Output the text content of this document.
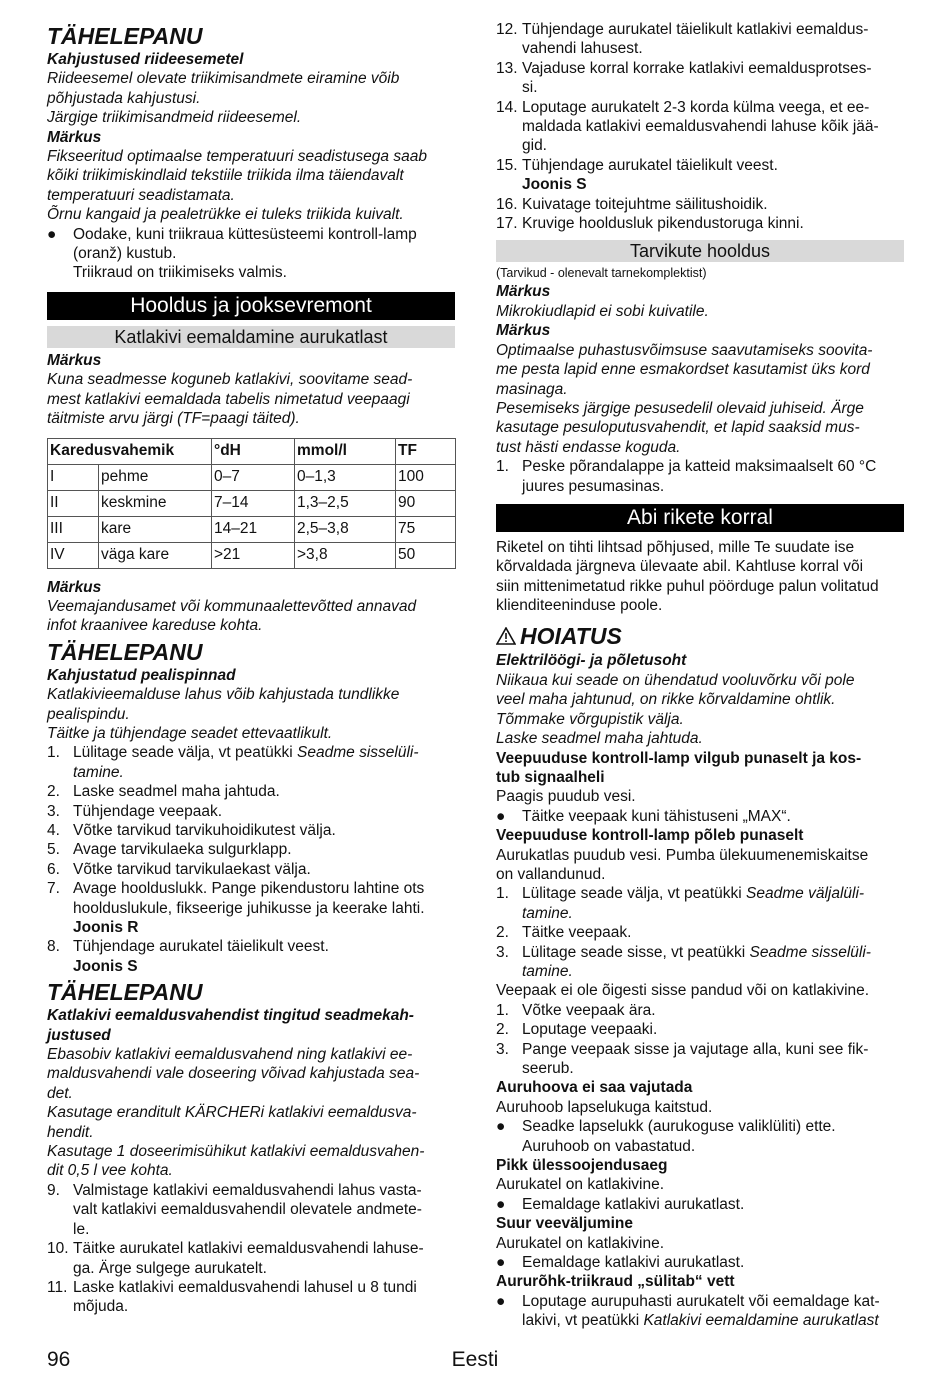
TÄHELEPANU

Kahjustused riideesemetel

Riideesemel olevate triikimisandmete eiramine võib

põhjustada kahjustusi.

Järgige triikimisandmeid riideesemel.

Märkus

Fikseeritud optimaalse temperatuuri seadistusega saab

kõiki triikimiskindlaid tekstiile triikida ilma täiendavalt

temperatuuri seadistamata.

Õrnu kangaid ja pealetrükke ei tuleks triikida kuivalt.

● Oodake, kuni triikraua küttesüsteemi kontroll-lamp

(oranž) kustub.

Triikraud on triikimiseks valmis.

Hooldus ja jooksevremont
Katlakivi eemaldamine aurukatlast

Märkus

Kuna seadmesse koguneb katlakivi, soovitame sead-

mest katlakivi eemaldada tabelis nimetatud veepaagi

täitmiste arvu järgi (TF=paagi täited).

Karedusvahemik		°dH	mmol/l	TF
I	pehme	0–7	0–1,3	100
II	keskmine	7–14	1,3–2,5	90
III	kare	14–21	2,5–3,8	75
IV	väga kare	>21	>3,8	50

Märkus

Veemajandusamet või kommunaalettevõtted annavad

infot kraanivee kareduse kohta.

TÄHELEPANU

Kahjustatud pealispinnad

Katlakivieemalduse lahus võib kahjustada tundlikke

pealispindu.

Täitke ja tühjendage seadet ettevaatlikult.

1. Lülitage seade välja, vt peatükki Seadme sisselüli-

tamine.

2. Laske seadmel maha jahtuda.

3. Tühjendage veepaak.

4. Võtke tarvikud tarvikuhoidikutest välja.

5. Avage tarvikulaeka sulgurklapp.

6. Võtke tarvikud tarvikulaekast välja.

7. Avage hoolduslukk. Pange pikendustoru lahtine ots

hoolduslukule, fikseerige juhikusse ja keerake lahti.

Joonis R

8. Tühjendage aurukatel täielikult veest.

Joonis S

TÄHELEPANU

Katlakivi eemaldusvahendist tingitud seadmekah-

justused

Ebasobiv katlakivi eemaldusvahend ning katlakivi ee-

maldusvahendi vale doseering võivad kahjustada sea-

det.

Kasutage eranditult KÄRCHERi katlakivi eemaldusva-

hendit.

Kasutage 1 doseerimisühikut katlakivi eemaldusvahen-

dit 0,5 l vee kohta.

9. Valmistage katlakivi eemaldusvahendi lahus vasta-

valt katlakivi eemaldusvahendil olevatele andmete-

le.

10. Täitke aurukatel katlakivi eemaldusvahendi lahuse-

ga. Ärge sulgege aurukatelt.

11. Laske katlakivi eemaldusvahendi lahusel u 8 tundi

mõjuda.

12. Tühjendage aurukatel täielikult katlakivi eemaldus-

vahendi lahusest.

13. Vajaduse korral korrake katlakivi eemaldusprotses-

si.

14. Loputage aurukatelt 2-3 korda külma veega, et ee-

maldada katlakivi eemaldusvahendi lahuse kõik jää-

gid.

15. Tühjendage aurukatel täielikult veest.

Joonis S

16. Kuivatage toitejuhtme säilitushoidik.

17. Kruvige hooldusluk pikendustoruga kinni.

Tarvikute hooldus

(Tarvikud - olenevalt tarnekomplektist)

Märkus

Mikrokiudlapid ei sobi kuivatile.

Märkus

Optimaalse puhastusvõimsuse saavutamiseks soovita-

me pesta lapid enne esmakordset kasutamist üks kord

masinaga.

Pesemiseks järgige pesusedelil olevaid juhiseid. Ärge

kasutage pesuloputusvahendit, et lapid saaksid mus-

tust hästi endasse koguda.

1. Peske põrandalappe ja katteid maksimaalselt 60 °C

juures pesumasinas.

Abi rikete korral

Riketel on tihti lihtsad põhjused, mille Te suudate ise

kõrvaldada järgneva ülevaate abil. Kahtluse korral või

siin mittenimetatud rikke puhul pöörduge palun volitatud

klienditeeninduse poole.

HOIATUS

Elektrilöögi- ja põletusoht

Niikaua kui seade on ühendatud vooluvõrku või pole

veel maha jahtunud, on rikke kõrvaldamine ohtlik.

Tõmmake võrgupistik välja.

Laske seadmel maha jahtuda.

Veepuuduse kontroll-lamp vilgub punaselt ja kos-

tub signaalheli

Paagis puudub vesi.

● Täitke veepaak kuni tähistuseni „MAX“.

Veepuuduse kontroll-lamp põleb punaselt

Aurukatlas puudub vesi. Pumba ülekuumenemiskaitse

on vallandunud.

1. Lülitage seade välja, vt peatükki Seadme väljalüli-

tamine.

2. Täitke veepaak.

3. Lülitage seade sisse, vt peatükki Seadme sisselüli-

tamine.

Veepaak ei ole õigesti sisse pandud või on katlakivine.

1. Võtke veepaak ära.

2. Loputage veepaaki.

3. Pange veepaak sisse ja vajutage alla, kuni see fik-

seerub.

Auruhoova ei saa vajutada

Auruhoob lapselukuga kaitstud.

● Seadke lapselukk (aurukoguse valiklüliti) ette.

Auruhoob on vabastatud.

Pikk ülessoojendusaeg

Aurukatel on katlakivine.

● Eemaldage katlakivi aurukatlast.

Suur veeväljumine

Aurukatel on katlakivine.

● Eemaldage katlakivi aurukatlast.

Aururõhk-triikraud „sülitab“ vett

● Loputage aurupuhasti aurukatelt või eemaldage kat-

lakivi, vt peatükki Katlakivi eemaldamine aurukatlast

96	Eesti
